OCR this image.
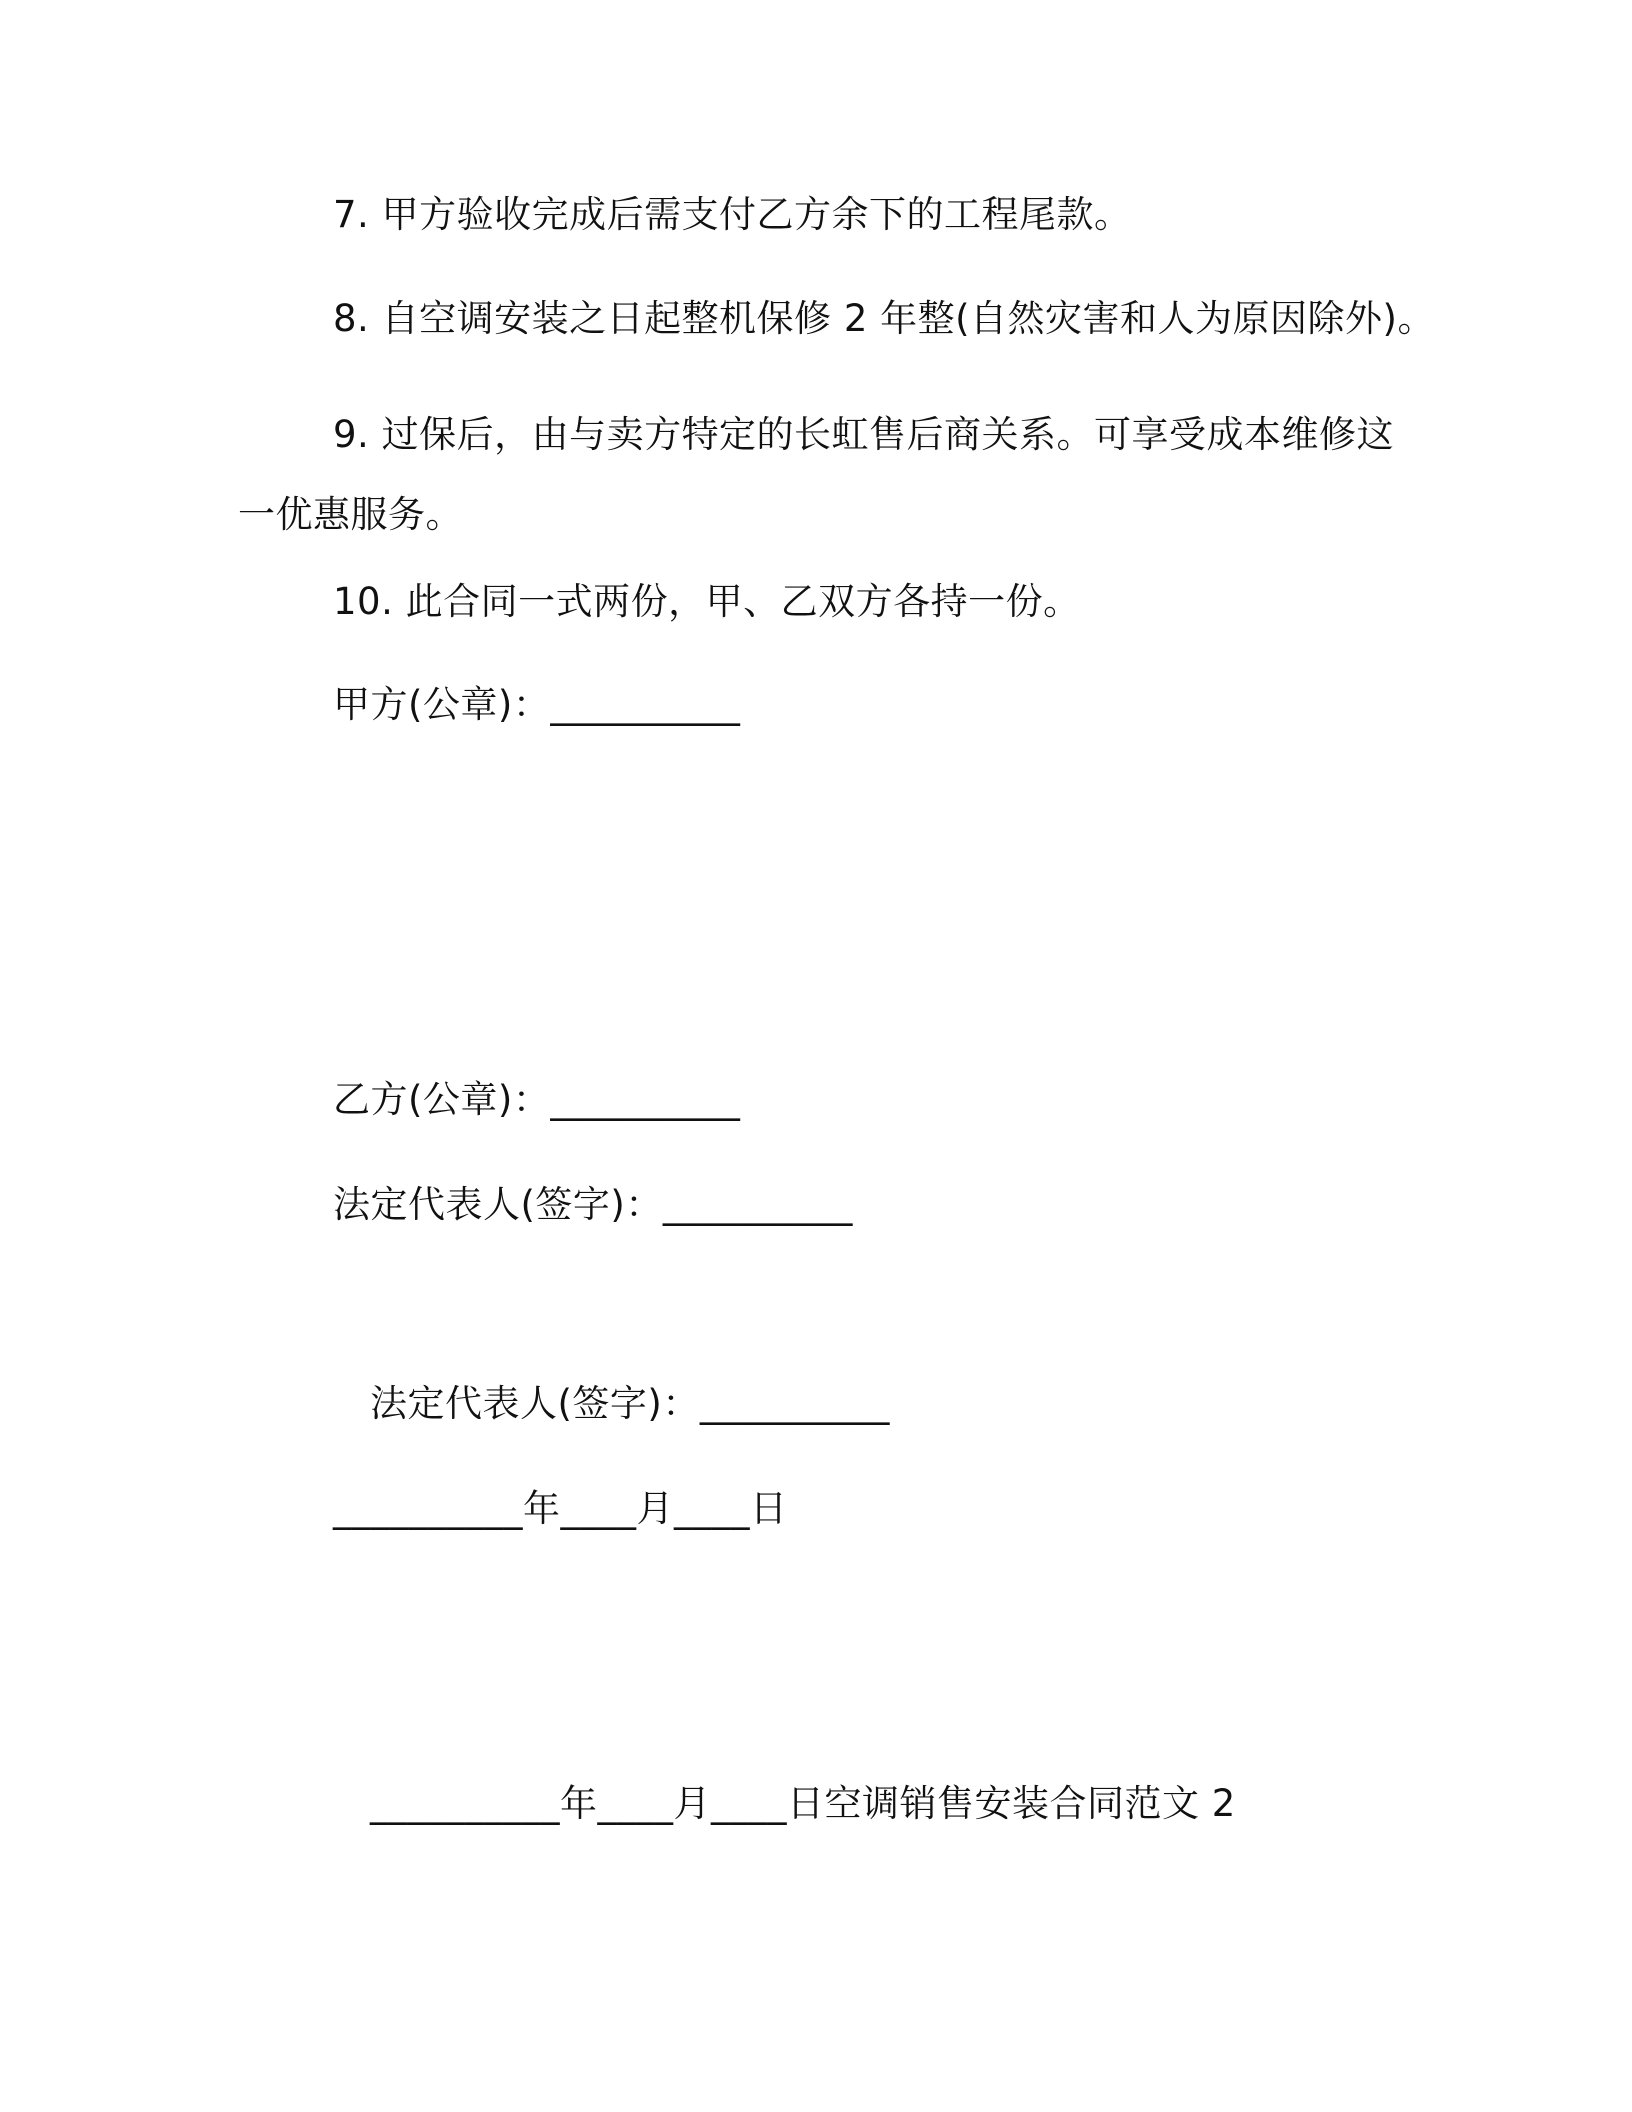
7. 甲方验收完成后需支付乙方余下的工程尾款。
8. 自空调安装之日起整机保修 2 年整(自然灾害和人为原因除外)。
9. 过保后，由与卖方特定的长虹售后商关系。可享受成本维修这一优惠服务。
10. 此合同一式两份，甲、乙双方各持一份。
甲方(公章)：__________
乙方(公章)：__________
法定代表人(签字)：__________
法定代表人(签字)：__________
__________年____月____日
__________年____月____日空调销售安装合同范文 2
